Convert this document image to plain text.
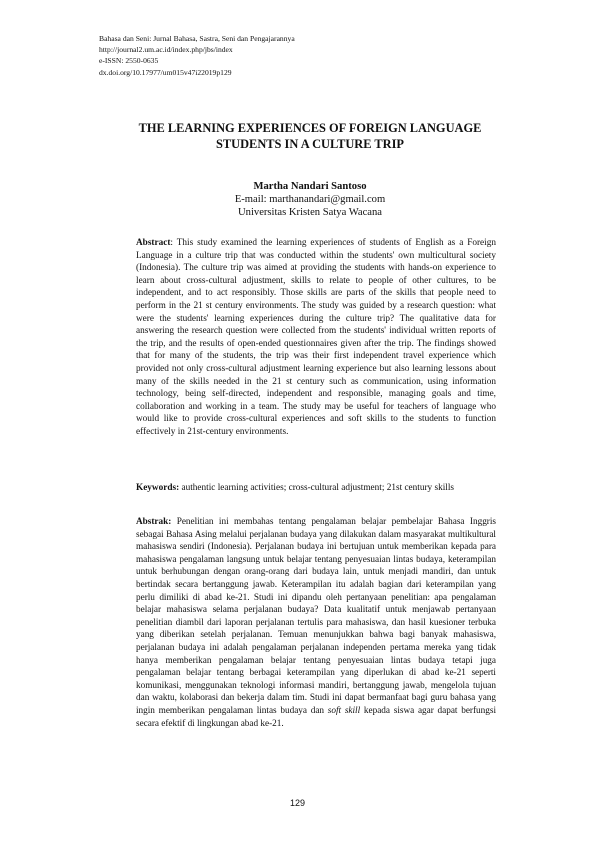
Bahasa dan Seni: Jurnal Bahasa, Sastra, Seni dan Pengajarannya
http://journal2.um.ac.id/index.php/jbs/index
e-ISSN: 2550-0635
dx.doi.org/10.17977/um015v47i22019p129
THE LEARNING EXPERIENCES OF FOREIGN LANGUAGE
STUDENTS IN A CULTURE TRIP
Martha Nandari Santoso
E-mail: marthanandari@gmail.com
Universitas Kristen Satya Wacana
Abstract: This study examined the learning experiences of students of English as a Foreign Language in a culture trip that was conducted within the students' own multicultural society (Indonesia). The culture trip was aimed at providing the students with hands-on experience to learn about cross-cultural adjustment, skills to relate to people of other cultures, to be independent, and to act responsibly. Those skills are parts of the skills that people need to perform in the 21 st century environments. The study was guided by a research question: what were the students' learning experiences during the culture trip? The qualitative data for answering the research question were collected from the students' individual written reports of the trip, and the results of open-ended questionnaires given after the trip. The findings showed that for many of the students, the trip was their first independent travel experience which provided not only cross-cultural adjustment learning experience but also learning lessons about many of the skills needed in the 21 st century such as communication, using information technology, being self-directed, independent and responsible, managing goals and time, collaboration and working in a team. The study may be useful for teachers of language who would like to provide cross-cultural experiences and soft skills to the students to function effectively in 21st-century environments.
Keywords: authentic learning activities; cross-cultural adjustment; 21st century skills
Abstrak: Penelitian ini membahas tentang pengalaman belajar pembelajar Bahasa Inggris sebagai Bahasa Asing melalui perjalanan budaya yang dilakukan dalam masyarakat multikultural mahasiswa sendiri (Indonesia). Perjalanan budaya ini bertujuan untuk memberikan kepada para mahasiswa pengalaman langsung untuk belajar tentang penyesuaian lintas budaya, keterampilan untuk berhubungan dengan orang-orang dari budaya lain, untuk menjadi mandiri, dan untuk bertindak secara bertanggung jawab. Keterampilan itu adalah bagian dari keterampilan yang perlu dimiliki di abad ke-21. Studi ini dipandu oleh pertanyaan penelitian: apa pengalaman belajar mahasiswa selama perjalanan budaya? Data kualitatif untuk menjawab pertanyaan penelitian diambil dari laporan perjalanan tertulis para mahasiswa, dan hasil kuesioner terbuka yang diberikan setelah perjalanan. Temuan menunjukkan bahwa bagi banyak mahasiswa, perjalanan budaya ini adalah pengalaman perjalanan independen pertama mereka yang tidak hanya memberikan pengalaman belajar tentang penyesuaian lintas budaya tetapi juga pengalaman belajar tentang berbagai keterampilan yang diperlukan di abad ke-21 seperti komunikasi, menggunakan teknologi informasi mandiri, bertanggung jawab, mengelola tujuan dan waktu, kolaborasi dan bekerja dalam tim. Studi ini dapat bermanfaat bagi guru bahasa yang ingin memberikan pengalaman lintas budaya dan soft skill kepada siswa agar dapat berfungsi secara efektif di lingkungan abad ke-21.
129
